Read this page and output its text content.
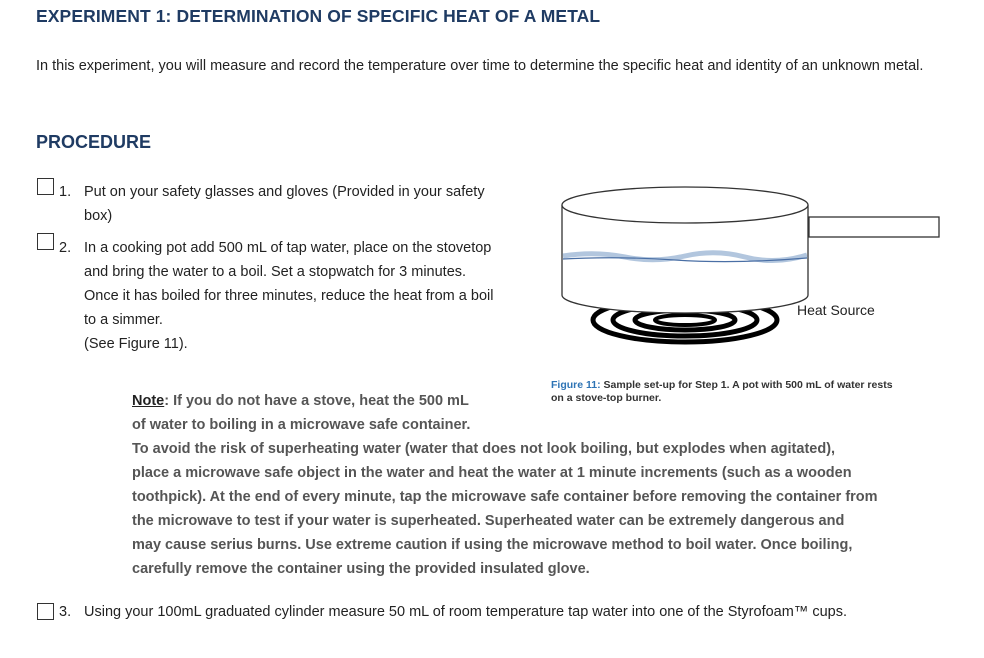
EXPERIMENT 1: DETERMINATION OF SPECIFIC HEAT OF A METAL
In this experiment, you will measure and record the temperature over time to determine the specific heat and identity of an unknown metal.
PROCEDURE
1. Put on your safety glasses and gloves (Provided in your safety
box)
2. In a cooking pot add 500 mL of tap water, place on the stovetop
and bring the water to a boil. Set a stopwatch for 3 minutes.
Once it has boiled for three minutes, reduce the heat from a boil
to a simmer.
(See Figure 11).
Heat Source
Figure 11: Sample set-up for Step 1. A pot with 500 mL of water rests
on a stove-top burner.
Note: If you do not have a stove, heat the 500 mL
of water to boiling in a microwave safe container.
To avoid the risk of superheating water (water that does not look boiling, but explodes when agitated),
place a microwave safe object in the water and heat the water at 1 minute increments (such as a wooden
toothpick). At the end of every minute, tap the microwave safe container before removing the container from
the microwave to test if your water is superheated. Superheated water can be extremely dangerous and
may cause serius burns. Use extreme caution if using the microwave method to boil water. Once boiling,
carefully remove the container using the provided insulated glove.
3. Using your 100mL graduated cylinder measure 50 mL of room temperature tap water into one of the Styrofoam™ cups.
